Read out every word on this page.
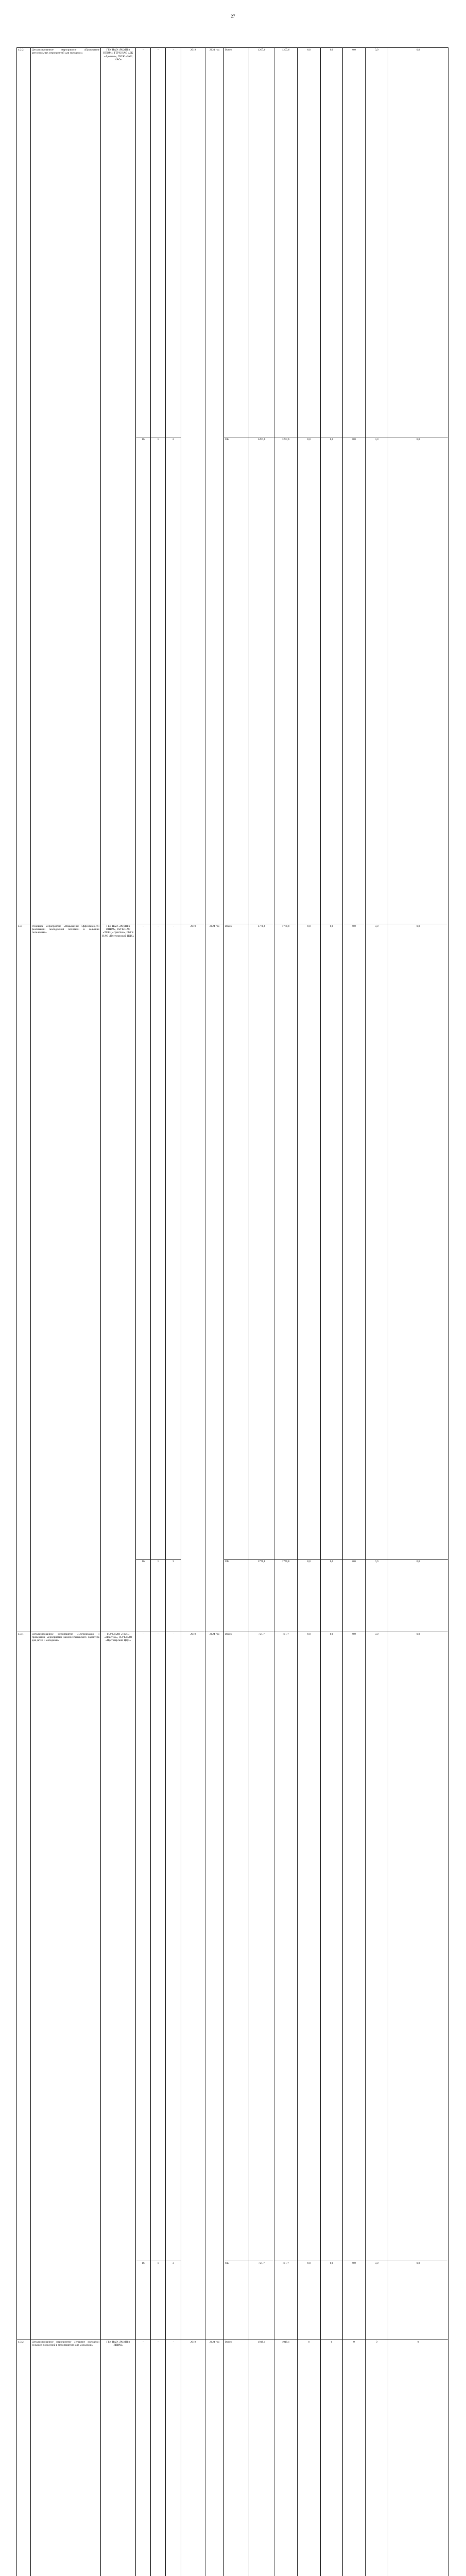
27
4.2.2.	Детализированное мероприятие «Проведение региональных мероприятий для молодежи»	ГБУ НАО «РЦМП и ВПВМ», ГБУК НАО «ДК «Арктика», ГБУК «ЭКЦ НАО»	-	-	-	2019	2024 год	Всего	1207,6	1207,6	0,0	0,0	0,0	0,0	0,0	
			16	1	2			ОБ	1207,6	1207,6	0,0	0,0	0,0	0,0	0,0	
4.3.	Основное мероприятие «Повышение эффективности реализации молодежной политики в сельских поселениях»	ГБУ НАО «РЦМП и ВПВМ», ГБУК НАО «ТСКЦ «Престиж», ГБУК НАО «Пустозерский ЦДК»	-	-	-	2019	2024 год	Всего	1770,8	1770,8	0,0	0,0	0,0	0,0	0,0	
			16	1	3			ОБ	1770,8	1770,8	0,0	0,0	0,0	0,0	0,0	
4.3.1.	Детализированное мероприятие «Организация и проведение мероприятий межпоселенческого характера для детей и молодежи»	ГБУК НАО «ТСКЦ «Престиж», ГБУК НАО «Пустозерский ЦДК»	-	-	-	2019	2024 год	Всего	751,7	751,7	0,0	0,0	0,0	0,0	0,0	
			16	1	3			ОБ	751,7	751,7	0,0	0,0	0,0	0,0	0,0	
4.3.2.	Детализированное мероприятие «Участие молодёжи сельских поселений в мероприятиях для молодежи»	ГБУ НАО «РЦМП и ВПВМ»	-	-	-	2019	2024 год	Всего	1019,1	1019,1	0	0	0	0	0	
